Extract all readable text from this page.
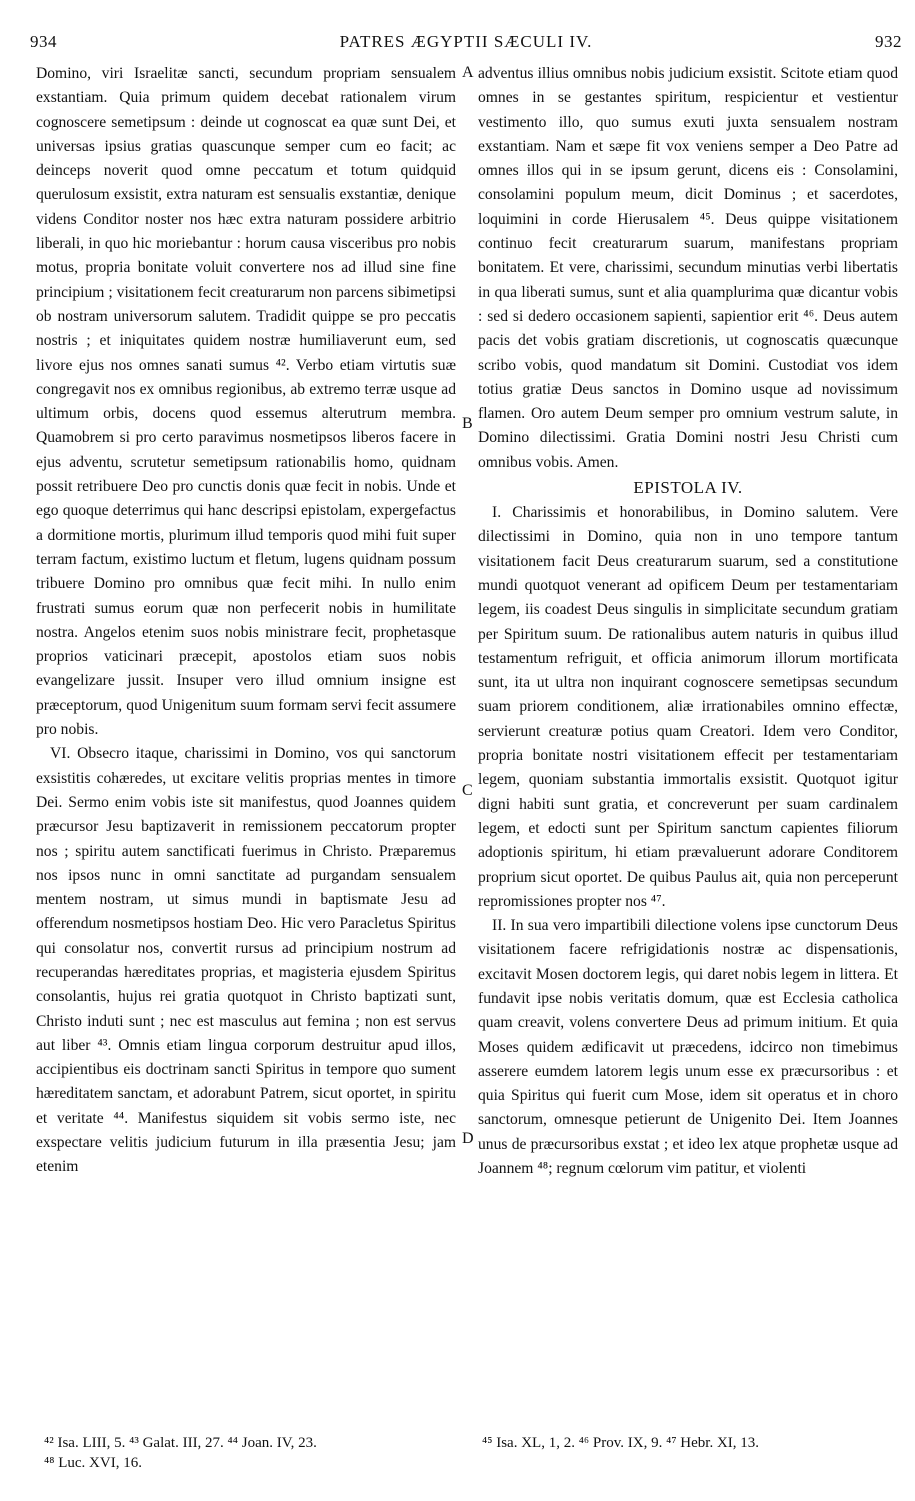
934	PATRES ÆGYPTII SÆCULI IV.	932

Domino, viri Israelitæ sancti, secundum propriam sensualem exstantiam. Quia primum quidem decebat rationalem virum cognoscere semetipsum : deinde ut cognoscat ea quæ sunt Dei, et universas ipsius gratias quascunque semper cum eo facit; ac deinceps noverit quod omne peccatum et totum quidquid querulosum exsistit, extra naturam est sensualis exstantiæ, denique videns Conditor noster nos hæc extra naturam possidere arbitrio liberali, in quo hic moriebantur : horum causa visceribus pro nobis motus, propria bonitate voluit convertere nos ad illud sine fine principium ; visitationem fecit creaturarum non parcens sibimetipsi ob nostram universorum salutem. Tradidit quippe se pro peccatis nostris ; et iniquitates quidem nostræ humiliaverunt eum, sed livore ejus nos omnes sanati sumus ⁴². Verbo etiam virtutis suæ congregavit nos ex omnibus regionibus, ab extremo terræ usque ad ultimum orbis, docens quod essemus alterutrum membra. Quamobrem si pro certo paravimus nosmetipsos liberos facere in ejus adventu, scrutetur semetipsum rationabilis homo, quidnam possit retribuere Deo pro cunctis donis quæ fecit in nobis. Unde et ego quoque deterrimus qui hanc descripsi epistolam, expergefactus a dormitione mortis, plurimum illud temporis quod mihi fuit super terram factum, existimo luctum et fletum, lugens quidnam possum tribuere Domino pro omnibus quæ fecit mihi. In nullo enim frustrati sumus eorum quæ non perfecerit nobis in humilitate nostra. Angelos etenim suos nobis ministrare fecit, prophetasque proprios vaticinari præcepit, apostolos etiam suos nobis evangelizare jussit. Insuper vero illud omnium insigne est præceptorum, quod Unigenitum suum formam servi fecit assumere pro nobis.

VI. Obsecro itaque, charissimi in Domino, vos qui sanctorum exsistitis cohæredes, ut excitare velitis proprias mentes in timore Dei. Sermo enim vobis iste sit manifestus, quod Joannes quidem præcursor Jesu baptizaverit in remissionem peccatorum propter nos ; spiritu autem sanctificati fuerimus in Christo. Præparemus nos ipsos nunc in omni sanctitate ad purgandam sensualem mentem nostram, ut simus mundi in baptismate Jesu ad offerendum nosmetipsos hostiam Deo. Hic vero Paracletus Spiritus qui consolatur nos, convertit rursus ad principium nostrum ad recuperandas hæreditates proprias, et magisteria ejusdem Spiritus consolantis, hujus rei gratia quotquot in Christo baptizati sunt, Christo induti sunt ; nec est masculus aut femina ; non est servus aut liber ⁴³. Omnis etiam lingua corporum destruitur apud illos, accipientibus eis doctrinam sancti Spiritus in tempore quo sument hæreditatem sanctam, et adorabunt Patrem, sicut oportet, in spiritu et veritate ⁴⁴. Manifestus siquidem sit vobis sermo iste, nec exspectare velitis judicium futurum in illa præsentia Jesu; jam etenim

A
B
C
D

adventus illius omnibus nobis judicium exsistit. Scitote etiam quod omnes in se gestantes spiritum, respicientur et vestientur vestimento illo, quo sumus exuti juxta sensualem nostram exstantiam. Nam et sæpe fit vox veniens semper a Deo Patre ad omnes illos qui in se ipsum gerunt, dicens eis : Consolamini, consolamini populum meum, dicit Dominus ; et sacerdotes, loquimini in corde Hierusalem ⁴⁵. Deus quippe visitationem continuo fecit creaturarum suarum, manifestans propriam bonitatem. Et vere, charissimi, secundum minutias verbi libertatis in qua liberati sumus, sunt et alia quamplurima quæ dicantur vobis : sed si dedero occasionem sapienti, sapientior erit ⁴⁶. Deus autem pacis det vobis gratiam discretionis, ut cognoscatis quæcunque scribo vobis, quod mandatum sit Domini. Custodiat vos idem totius gratiæ Deus sanctos in Domino usque ad novissimum flamen. Oro autem Deum semper pro omnium vestrum salute, in Domino dilectissimi. Gratia Domini nostri Jesu Christi cum omnibus vobis. Amen.

EPISTOLA IV.

I. Charissimis et honorabilibus, in Domino salutem. Vere dilectissimi in Domino, quia non in uno tempore tantum visitationem facit Deus creaturarum suarum, sed a constitutione mundi quotquot venerant ad opificem Deum per testamentariam legem, iis coadest Deus singulis in simplicitate secundum gratiam per Spiritum suum. De rationalibus autem naturis in quibus illud testamentum refriguit, et officia animorum illorum mortificata sunt, ita ut ultra non inquirant cognoscere semetipsas secundum suam priorem conditionem, aliæ irrationabiles omnino effectæ, servierunt creaturæ potius quam Creatori. Idem vero Conditor, propria bonitate nostri visitationem effecit per testamentariam legem, quoniam substantia immortalis exsistit. Quotquot igitur digni habiti sunt gratia, et concreverunt per suam cardinalem legem, et edocti sunt per Spiritum sanctum capientes filiorum adoptionis spiritum, hi etiam prævaluerunt adorare Conditorem proprium sicut oportet. De quibus Paulus ait, quia non perceperunt repromissiones propter nos ⁴⁷.

II. In sua vero impartibili dilectione volens ipse cunctorum Deus visitationem facere refrigidationis nostræ ac dispensationis, excitavit Mosen doctorem legis, qui daret nobis legem in littera. Et fundavit ipse nobis veritatis domum, quæ est Ecclesia catholica quam creavit, volens convertere Deus ad primum initium. Et quia Moses quidem ædificavit ut præcedens, idcirco non timebimus asserere eumdem latorem legis unum esse ex præcursoribus : et quia Spiritus qui fuerit cum Mose, idem sit operatus et in choro sanctorum, omnesque petierunt de Unigenito Dei. Item Joannes unus de præcursoribus exstat ; et ideo lex atque prophetæ usque ad Joannem ⁴⁸; regnum cœlorum vim patitur, et violenti

⁴² Isa. LIII, 5. ⁴³ Galat. III, 27. ⁴⁴ Joan. IV, 23.
⁴⁸ Luc. XVI, 16.
⁴⁵ Isa. XL, 1, 2. ⁴⁶ Prov. IX, 9. ⁴⁷ Hebr. XI, 13.
